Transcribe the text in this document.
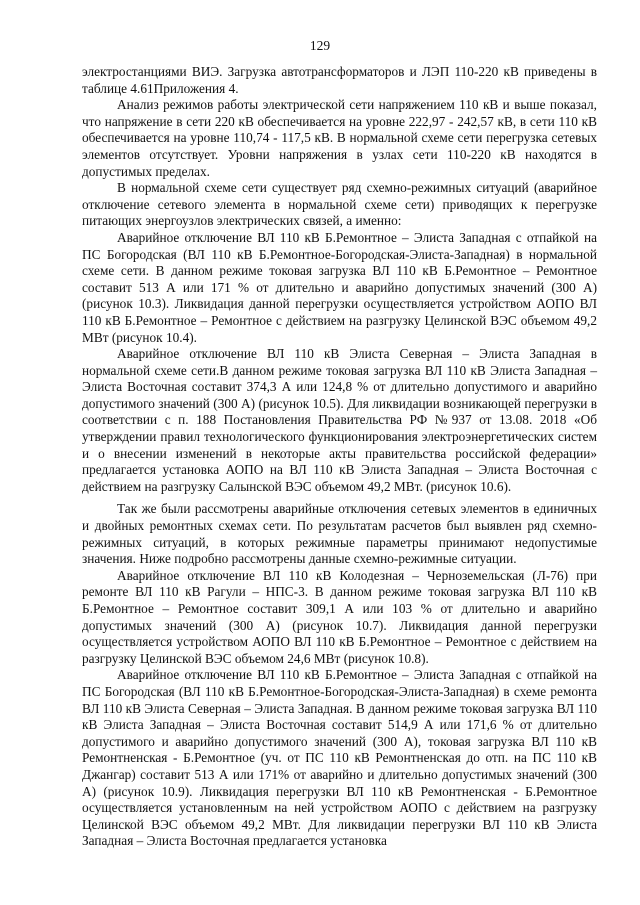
129

электростанциями ВИЭ. Загрузка автотрансформаторов и ЛЭП 110-220 кВ приведены в таблице 4.61Приложения 4.

Анализ режимов работы электрической сети напряжением 110 кВ и выше показал, что напряжение в сети 220 кВ обеспечивается на уровне 222,97 - 242,57 кВ, в сети 110 кВ обеспечивается на уровне 110,74 - 117,5 кВ. В нормальной схеме сети перегрузка сетевых элементов отсутствует. Уровни напряжения в узлах сети 110-220 кВ находятся в допустимых пределах.

В нормальной схеме сети существует ряд схемно-режимных ситуаций (аварийное отключение сетевого элемента в нормальной схеме сети) приводящих к перегрузке питающих энергоузлов электрических связей, а именно:

Аварийное отключение ВЛ 110 кВ Б.Ремонтное – Элиста Западная с отпайкой на ПС Богородская (ВЛ 110 кВ Б.Ремонтное-Богородская-Элиста-Западная) в нормальной схеме сети. В данном режиме токовая загрузка ВЛ 110 кВ Б.Ремонтное – Ремонтное составит 513 А или 171 % от длительно и аварийно допустимых значений (300 А) (рисунок 10.3). Ликвидация данной перегрузки осуществляется устройством АОПО ВЛ 110 кВ Б.Ремонтное – Ремонтное с действием на разгрузку Целинской ВЭС объемом 49,2 МВт (рисунок 10.4).

Аварийное отключение ВЛ 110 кВ Элиста Северная – Элиста Западная в нормальной схеме сети.В данном режиме токовая загрузка ВЛ 110 кВ Элиста Западная – Элиста Восточная составит 374,3 А или 124,8 % от длительно допустимого и аварийно допустимого значений (300 А) (рисунок 10.5). Для ликвидации возникающей перегрузки в соответствии с п. 188 Постановления Правительства РФ №937 от 13.08. 2018 «Об утверждении правил технологического функционирования электроэнергетических систем и о внесении изменений в некоторые акты правительства российской федерации» предлагается установка АОПО на ВЛ 110 кВ Элиста Западная – Элиста Восточная с действием на разгрузку Салынской ВЭС объемом 49,2 МВт. (рисунок 10.6).

Так же были рассмотрены аварийные отключения сетевых элементов в единичных и двойных ремонтных схемах сети. По результатам расчетов был выявлен ряд схемно-режимных ситуаций, в которых режимные параметры принимают недопустимые значения. Ниже подробно рассмотрены данные схемно-режимные ситуации.

Аварийное отключение ВЛ 110 кВ Колодезная – Черноземельская (Л-76) при ремонте ВЛ 110 кВ Рагули – НПС-3. В данном режиме токовая загрузка ВЛ 110 кВ Б.Ремонтное – Ремонтное составит 309,1 А или 103 % от длительно и аварийно допустимых значений (300 А) (рисунок 10.7). Ликвидация данной перегрузки осуществляется устройством АОПО ВЛ 110 кВ Б.Ремонтное – Ремонтное с действием на разгрузку Целинской ВЭС объемом 24,6 МВт (рисунок 10.8).

Аварийное отключение ВЛ 110 кВ Б.Ремонтное – Элиста Западная с отпайкой на ПС Богородская (ВЛ 110 кВ Б.Ремонтное-Богородская-Элиста-Западная) в схеме ремонта ВЛ 110 кВ Элиста Северная – Элиста Западная. В данном режиме токовая загрузка ВЛ 110 кВ Элиста Западная – Элиста Восточная составит 514,9 А или 171,6 % от длительно допустимого и аварийно допустимого значений (300 А), токовая загрузка ВЛ 110 кВ Ремонтненская - Б.Ремонтное (уч. от ПС 110 кВ Ремонтненская до отп. на ПС 110 кВ Джангар) составит 513 А или 171% от аварийно и длительно допустимых значений (300 А) (рисунок 10.9). Ликвидация перегрузки ВЛ 110 кВ Ремонтненская - Б.Ремонтное осуществляется установленным на ней устройством АОПО с действием на разгрузку Целинской ВЭС объемом 49,2 МВт. Для ликвидации перегрузки ВЛ 110 кВ Элиста Западная – Элиста Восточная предлагается установка
